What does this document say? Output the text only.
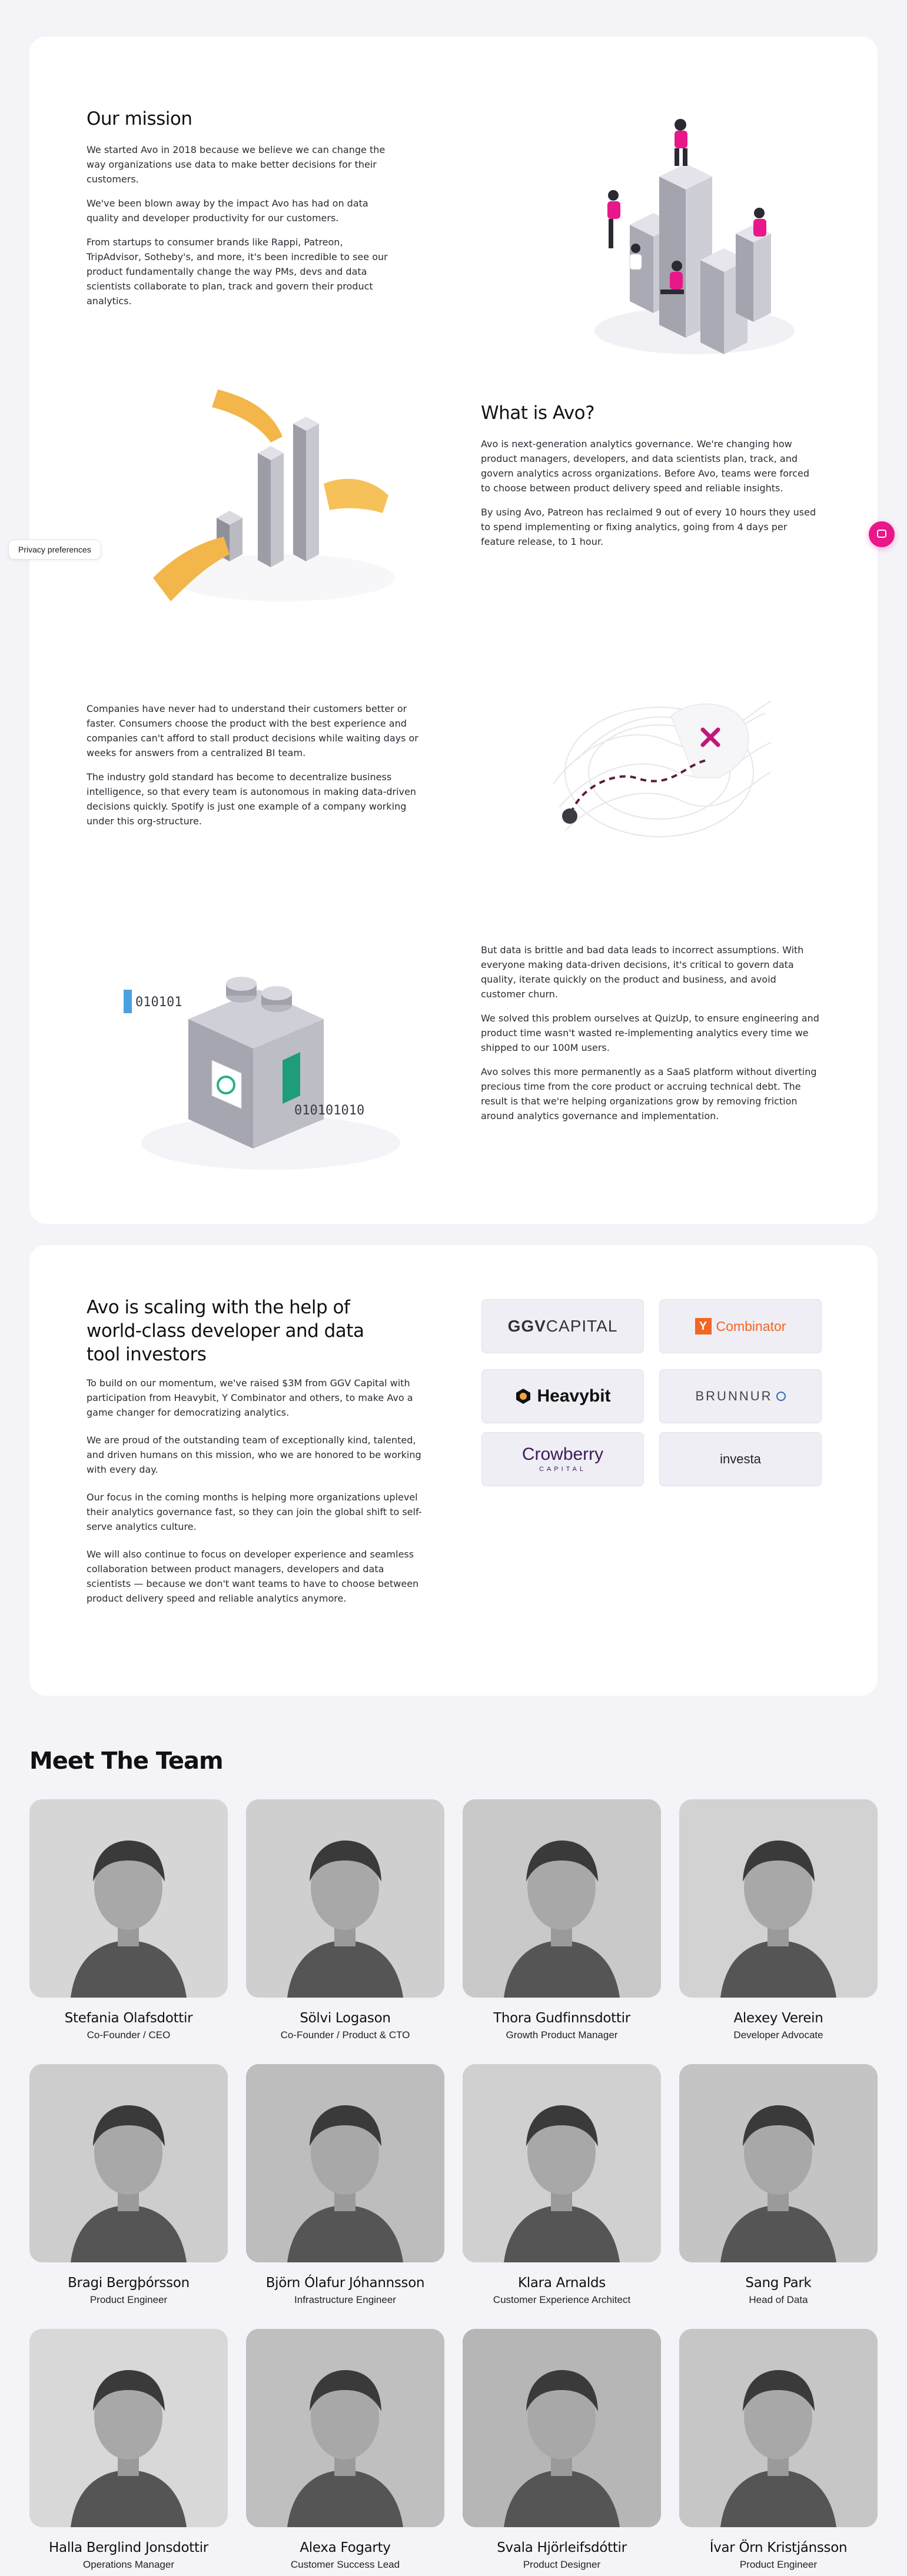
Our mission

We started Avo in 2018 because we believe we can change the way organizations use data to make better decisions for their customers.

We've been blown away by the impact Avo has had on data quality and developer productivity for our customers.

From startups to consumer brands like Rappi, Patreon, TripAdvisor, Sotheby's, and more, it's been incredible to see our product fundamentally change the way PMs, devs and data scientists collaborate to plan, track and govern their product analytics.

What is Avo?

Avo is next-generation analytics governance. We're changing how product managers, developers, and data scientists plan, track, and govern analytics across organizations. Before Avo, teams were forced to choose between product delivery speed and reliable insights.

By using Avo, Patreon has reclaimed 9 out of every 10 hours they used to spend implementing or fixing analytics, going from 4 days per feature release, to 1 hour.

Companies have never had to understand their customers better or faster. Consumers choose the product with the best experience and companies can't afford to stall product decisions while waiting days or weeks for answers from a centralized BI team.

The industry gold standard has become to decentralize business intelligence, so that every team is autonomous in making data-driven decisions quickly. Spotify is just one example of a company working under this org-structure.

010101
010101010

But data is brittle and bad data leads to incorrect assumptions. With everyone making data-driven decisions, it's critical to govern data quality, iterate quickly on the product and business, and avoid customer churn.

We solved this problem ourselves at QuizUp, to ensure engineering and product time wasn't wasted re-implementing analytics every time we shipped to our 100M users.

Avo solves this more permanently as a SaaS platform without diverting precious time from the core product or accruing technical debt. The result is that we're helping organizations grow by removing friction around analytics governance and implementation.

Privacy preferences
Avo is scaling with the help of world-class developer and data tool investors

To build on our momentum, we've raised $3M from GGV Capital with participation from Heavybit, Y Combinator and others, to make Avo a game changer for democratizing analytics.

We are proud of the outstanding team of exceptionally kind, talented, and driven humans on this mission, who we are honored to be working with every day.

Our focus in the coming months is helping more organizations uplevel their analytics governance fast, so they can join the global shift to self-serve analytics culture.

We will also continue to focus on developer experience and seamless collaboration between product managers, developers and data scientists — because we don't want teams to have to choose between product delivery speed and reliable analytics anymore.

GGV CAPITAL	Y Combinator
Heavybit	BRUNNUR
Crowberry
CAPITAL
investa
Meet The Team
Stefania Olafsdottir
Co-Founder / CEO
Sölvi Logason
Co-Founder / Product & CTO
Thora Gudfinnsdottir
Growth Product Manager
Alexey Verein
Developer Advocate
Bragi Bergþórsson
Product Engineer
Björn Ólafur Jóhannsson
Infrastructure Engineer
Klara Arnalds
Customer Experience Architect
Sang Park
Head of Data
Halla Berglind Jonsdottir
Operations Manager
Alexa Fogarty
Customer Success Lead
Svala Hjörleifsdóttir
Product Designer
Ívar Örn Kristjánsson
Product Engineer
